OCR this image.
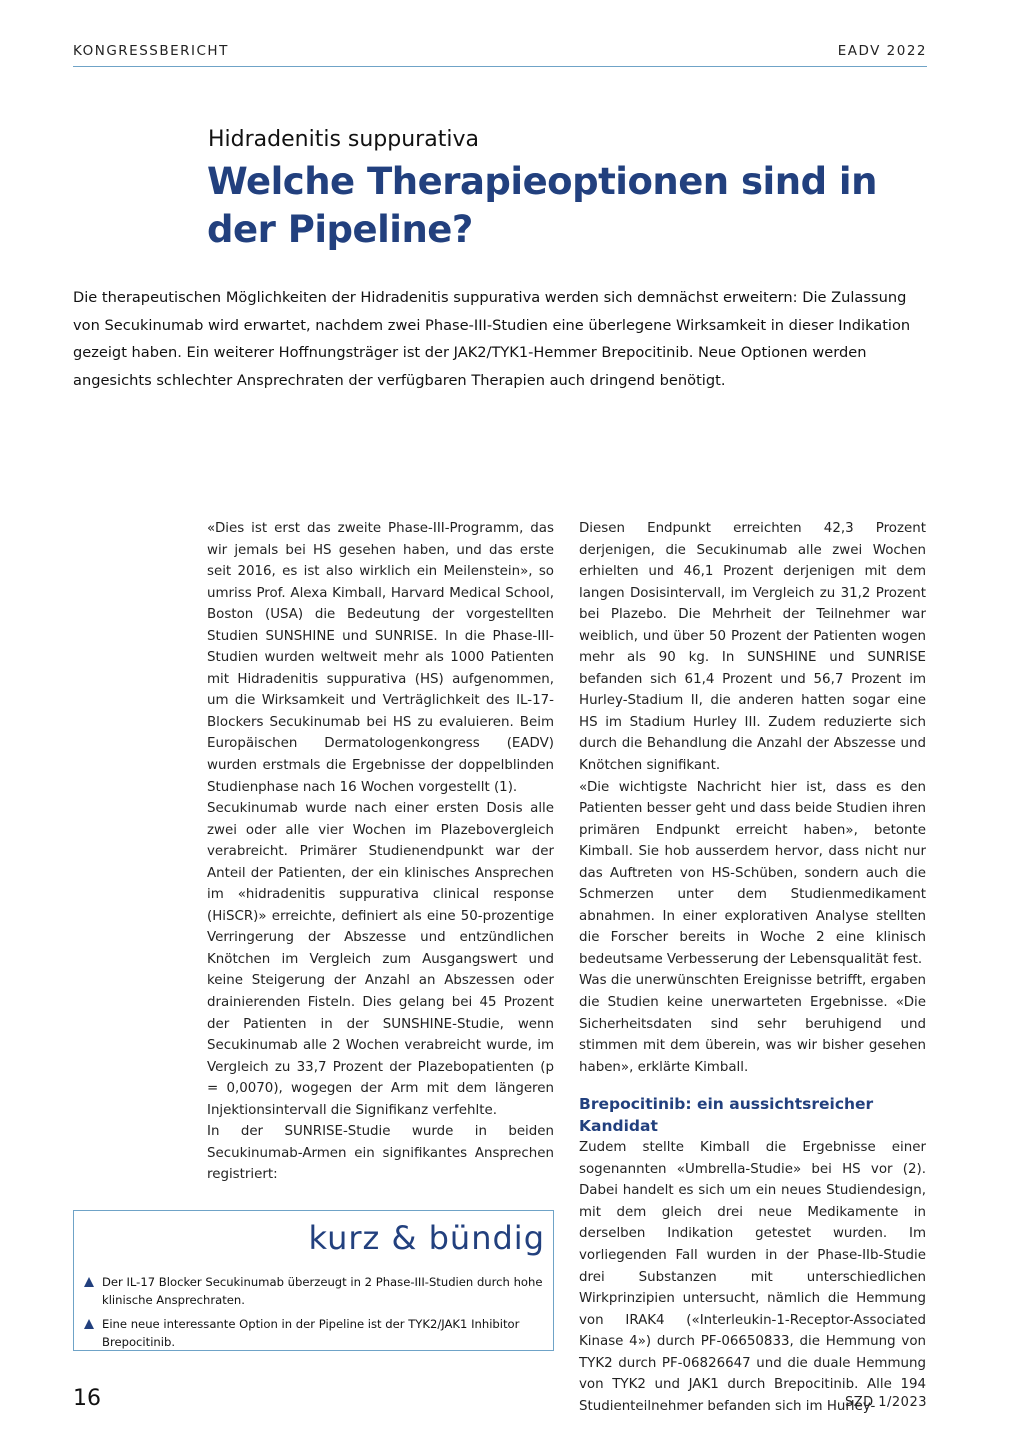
KONGRESSBERICHT	EADV 2022
Hidradenitis suppurativa
Welche Therapieoptionen sind in der Pipeline?
Die therapeutischen Möglichkeiten der Hidradenitis suppurativa werden sich demnächst erweitern: Die Zulassung von Secukinumab wird erwartet, nachdem zwei Phase-III-Studien eine überlegene Wirksamkeit in dieser Indikation gezeigt haben. Ein weiterer Hoffnungsträger ist der JAK2/TYK1-Hemmer Brepocitinib. Neue Optionen werden angesichts schlechter Ansprechraten der verfügbaren Therapien auch dringend benötigt.

«Dies ist erst das zweite Phase-III-Programm, das wir jemals bei HS gesehen haben, und das erste seit 2016, es ist also wirklich ein Meilenstein», so umriss Prof. Alexa Kimball, Harvard Medical School, Boston (USA) die Bedeutung der vorgestellten Studien SUNSHINE und SUNRISE. In die Phase-III-Studien wurden weltweit mehr als 1000 Patienten mit Hidradenitis suppurativa (HS) aufgenommen, um die Wirksamkeit und Verträglichkeit des IL-17-Blockers Secukinumab bei HS zu evaluieren. Beim Europäischen Dermatologenkongress (EADV) wurden erstmals die Ergebnisse der doppelblinden Studienphase nach 16 Wochen vorgestellt (1).

Secukinumab wurde nach einer ersten Dosis alle zwei oder alle vier Wochen im Plazebovergleich verabreicht. Primärer Studienendpunkt war der Anteil der Patienten, der ein klinisches Ansprechen im «hidradenitis suppurativa clinical response (HiSCR)» erreichte, definiert als eine 50-prozentige Verringerung der Abszesse und entzündlichen Knötchen im Vergleich zum Ausgangswert und keine Steigerung der Anzahl an Abszessen oder drainierenden Fisteln. Dies gelang bei 45 Prozent der Patienten in der SUNSHINE-Studie, wenn Secukinumab alle 2 Wochen verabreicht wurde, im Vergleich zu 33,7 Prozent der Plazebopatienten (p = 0,0070), wogegen der Arm mit dem längeren Injektionsintervall die Signifikanz verfehlte.

In der SUNRISE-Studie wurde in beiden Secukinumab-Armen ein signifikantes Ansprechen registriert:

Diesen Endpunkt erreichten 42,3 Prozent derjenigen, die Secukinumab alle zwei Wochen erhielten und 46,1 Prozent derjenigen mit dem langen Dosisintervall, im Vergleich zu 31,2 Prozent bei Plazebo. Die Mehrheit der Teilnehmer war weiblich, und über 50 Prozent der Patienten wogen mehr als 90 kg. In SUNSHINE und SUNRISE befanden sich 61,4 Prozent und 56,7 Prozent im Hurley-Stadium II, die anderen hatten sogar eine HS im Stadium Hurley III. Zudem reduzierte sich durch die Behandlung die Anzahl der Abszesse und Knötchen signifikant.

«Die wichtigste Nachricht hier ist, dass es den Patienten besser geht und dass beide Studien ihren primären Endpunkt erreicht haben», betonte Kimball. Sie hob ausserdem hervor, dass nicht nur das Auftreten von HS-Schüben, sondern auch die Schmerzen unter dem Studienmedikament abnahmen. In einer explorativen Analyse stellten die Forscher bereits in Woche 2 eine klinisch bedeutsame Verbesserung der Lebensqualität fest.

Was die unerwünschten Ereignisse betrifft, ergaben die Studien keine unerwarteten Ergebnisse. «Die Sicherheitsdaten sind sehr beruhigend und stimmen mit dem überein, was wir bisher gesehen haben», erklärte Kimball.

Brepocitinib: ein aussichtsreicher Kandidat

Zudem stellte Kimball die Ergebnisse einer sogenannten «Umbrella-Studie» bei HS vor (2). Dabei handelt es sich um ein neues Studiendesign, mit dem gleich drei neue Medikamente in derselben Indikation getestet wurden. Im vorliegenden Fall wurden in der Phase-IIb-Studie drei Substanzen mit unterschiedlichen Wirkprinzipien untersucht, nämlich die Hemmung von IRAK4 («Interleukin-1-Receptor-Associated Kinase 4») durch PF-06650833, die Hemmung von TYK2 durch PF-06826647 und die duale Hemmung von TYK2 und JAK1 durch Brepocitinib. Alle 194 Studienteilnehmer befanden sich im Hurley-

kurz & bündig
Der IL-17 Blocker Secukinumab überzeugt in 2 Phase-III-Studien durch hohe klinische Ansprechraten.
Eine neue interessante Option in der Pipeline ist der TYK2/JAK1 Inhibitor Brepocitinib.
16	SZD 1/2023
